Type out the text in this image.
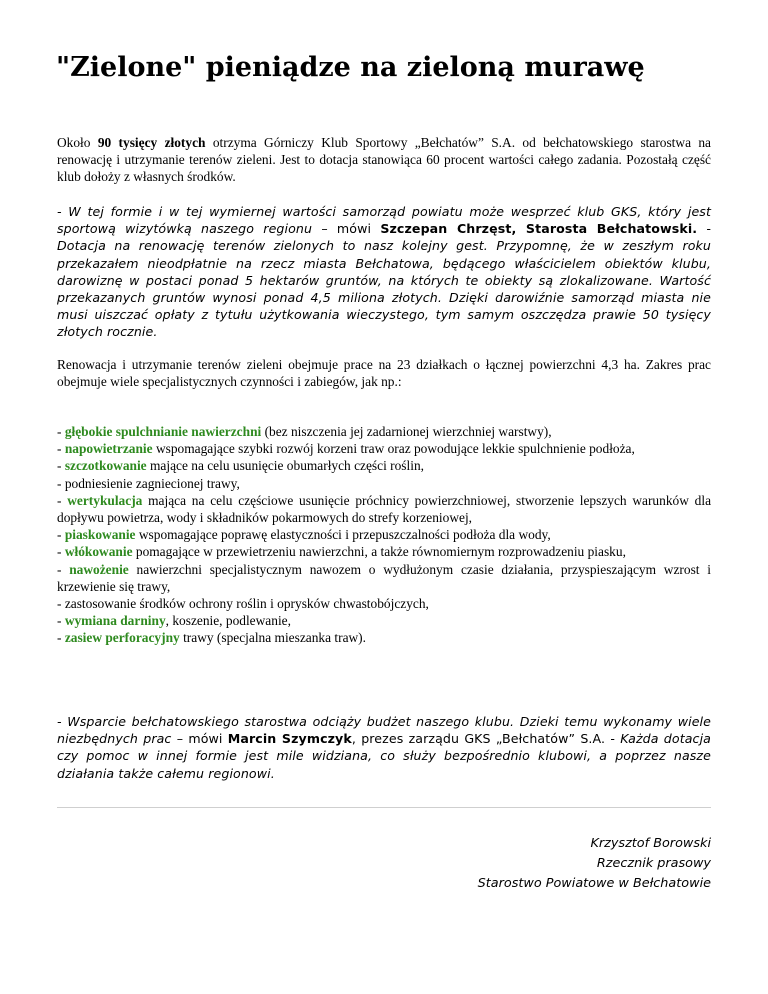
"Zielone" pieniądze na zieloną murawę
Około 90 tysięcy złotych otrzyma Górniczy Klub Sportowy „Bełchatów” S.A. od bełchatowskiego starostwa na renowację i utrzymanie terenów zieleni. Jest to dotacja stanowiąca 60 procent wartości całego zadania. Pozostałą część klub dołoży z własnych środków.
- W tej formie i w tej wymiernej wartości samorząd powiatu może wesprzeć klub GKS, który jest sportową wizytówką naszego regionu – mówi Szczepan Chrzęst, Starosta Bełchatowski. - Dotacja na renowację terenów zielonych to nasz kolejny gest. Przypomnę, że w zeszłym roku przekazałem nieodpłatnie na rzecz miasta Bełchatowa, będącego właścicielem obiektów klubu, darowiznę w postaci ponad 5 hektarów gruntów, na których te obiekty są zlokalizowane. Wartość przekazanych gruntów wynosi ponad 4,5 miliona złotych. Dzięki darowiźnie samorząd miasta nie musi uiszczać opłaty z tytułu użytkowania wieczystego, tym samym oszczędza prawie 50 tysięcy złotych rocznie.
Renowacja i utrzymanie terenów zieleni obejmuje prace na 23 działkach o łącznej powierzchni 4,3 ha. Zakres prac obejmuje wiele specjalistycznych czynności i zabiegów, jak np.:
- głębokie spulchnianie nawierzchni (bez niszczenia jej zadarnionej wierzchniej warstwy),
- napowietrzanie wspomagające szybki rozwój korzeni traw oraz powodujące lekkie spulchnienie podłoża,
- szczotkowanie mające na celu usunięcie obumarłych części roślin,
- podniesienie zagniecionej trawy,
- wertykulacja mająca na celu częściowe usunięcie próchnicy powierzchniowej, stworzenie lepszych warunków dla dopływu powietrza, wody i składników pokarmowych do strefy korzeniowej,
- piaskowanie wspomagające poprawę elastyczności i przepuszczalności podłoża dla wody,
- włókowanie pomagające w przewietrzeniu nawierzchni, a także równomiernym rozprowadzeniu piasku,
- nawożenie nawierzchni specjalistycznym nawozem o wydłużonym czasie działania, przyspieszającym wzrost i krzewienie się trawy,
- zastosowanie środków ochrony roślin i oprysków chwastobójczych,
- wymiana darniny, koszenie, podlewanie,
- zasiew perforacyjny trawy (specjalna mieszanka traw).
- Wsparcie bełchatowskiego starostwa odciąży budżet naszego klubu. Dzieki temu wykonamy wiele niezbędnych prac – mówi Marcin Szymczyk, prezes zarządu GKS „Bełchatów” S.A. - Każda dotacja czy pomoc w innej formie jest mile widziana, co służy bezpośrednio klubowi, a poprzez nasze działania także całemu regionowi.
Krzysztof Borowski
Rzecznik prasowy
Starostwo Powiatowe w Bełchatowie
